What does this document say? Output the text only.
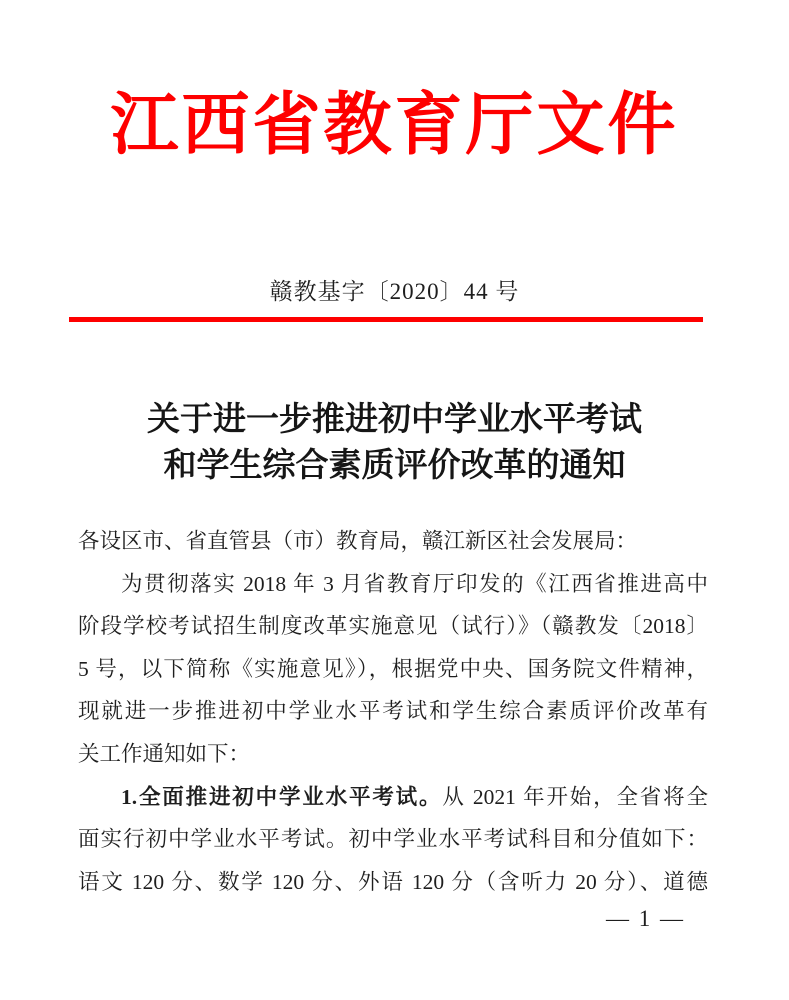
江西省教育厅文件
赣教基字〔2020〕44 号
关于进一步推进初中学业水平考试
和学生综合素质评价改革的通知
各设区市、省直管县（市）教育局，赣江新区社会发展局：
为贯彻落实 2018 年 3 月省教育厅印发的《江西省推进高中
阶段学校考试招生制度改革实施意见（试行）》（赣教发〔2018〕
5 号，以下简称《实施意见》），根据党中央、国务院文件精神，
现就进一步推进初中学业水平考试和学生综合素质评价改革有
关工作通知如下：
1.全面推进初中学业水平考试。从 2021 年开始，全省将全
面实行初中学业水平考试。初中学业水平考试科目和分值如下：
语文 120 分、数学 120 分、外语 120 分（含听力 20 分）、道德
— 1 —
